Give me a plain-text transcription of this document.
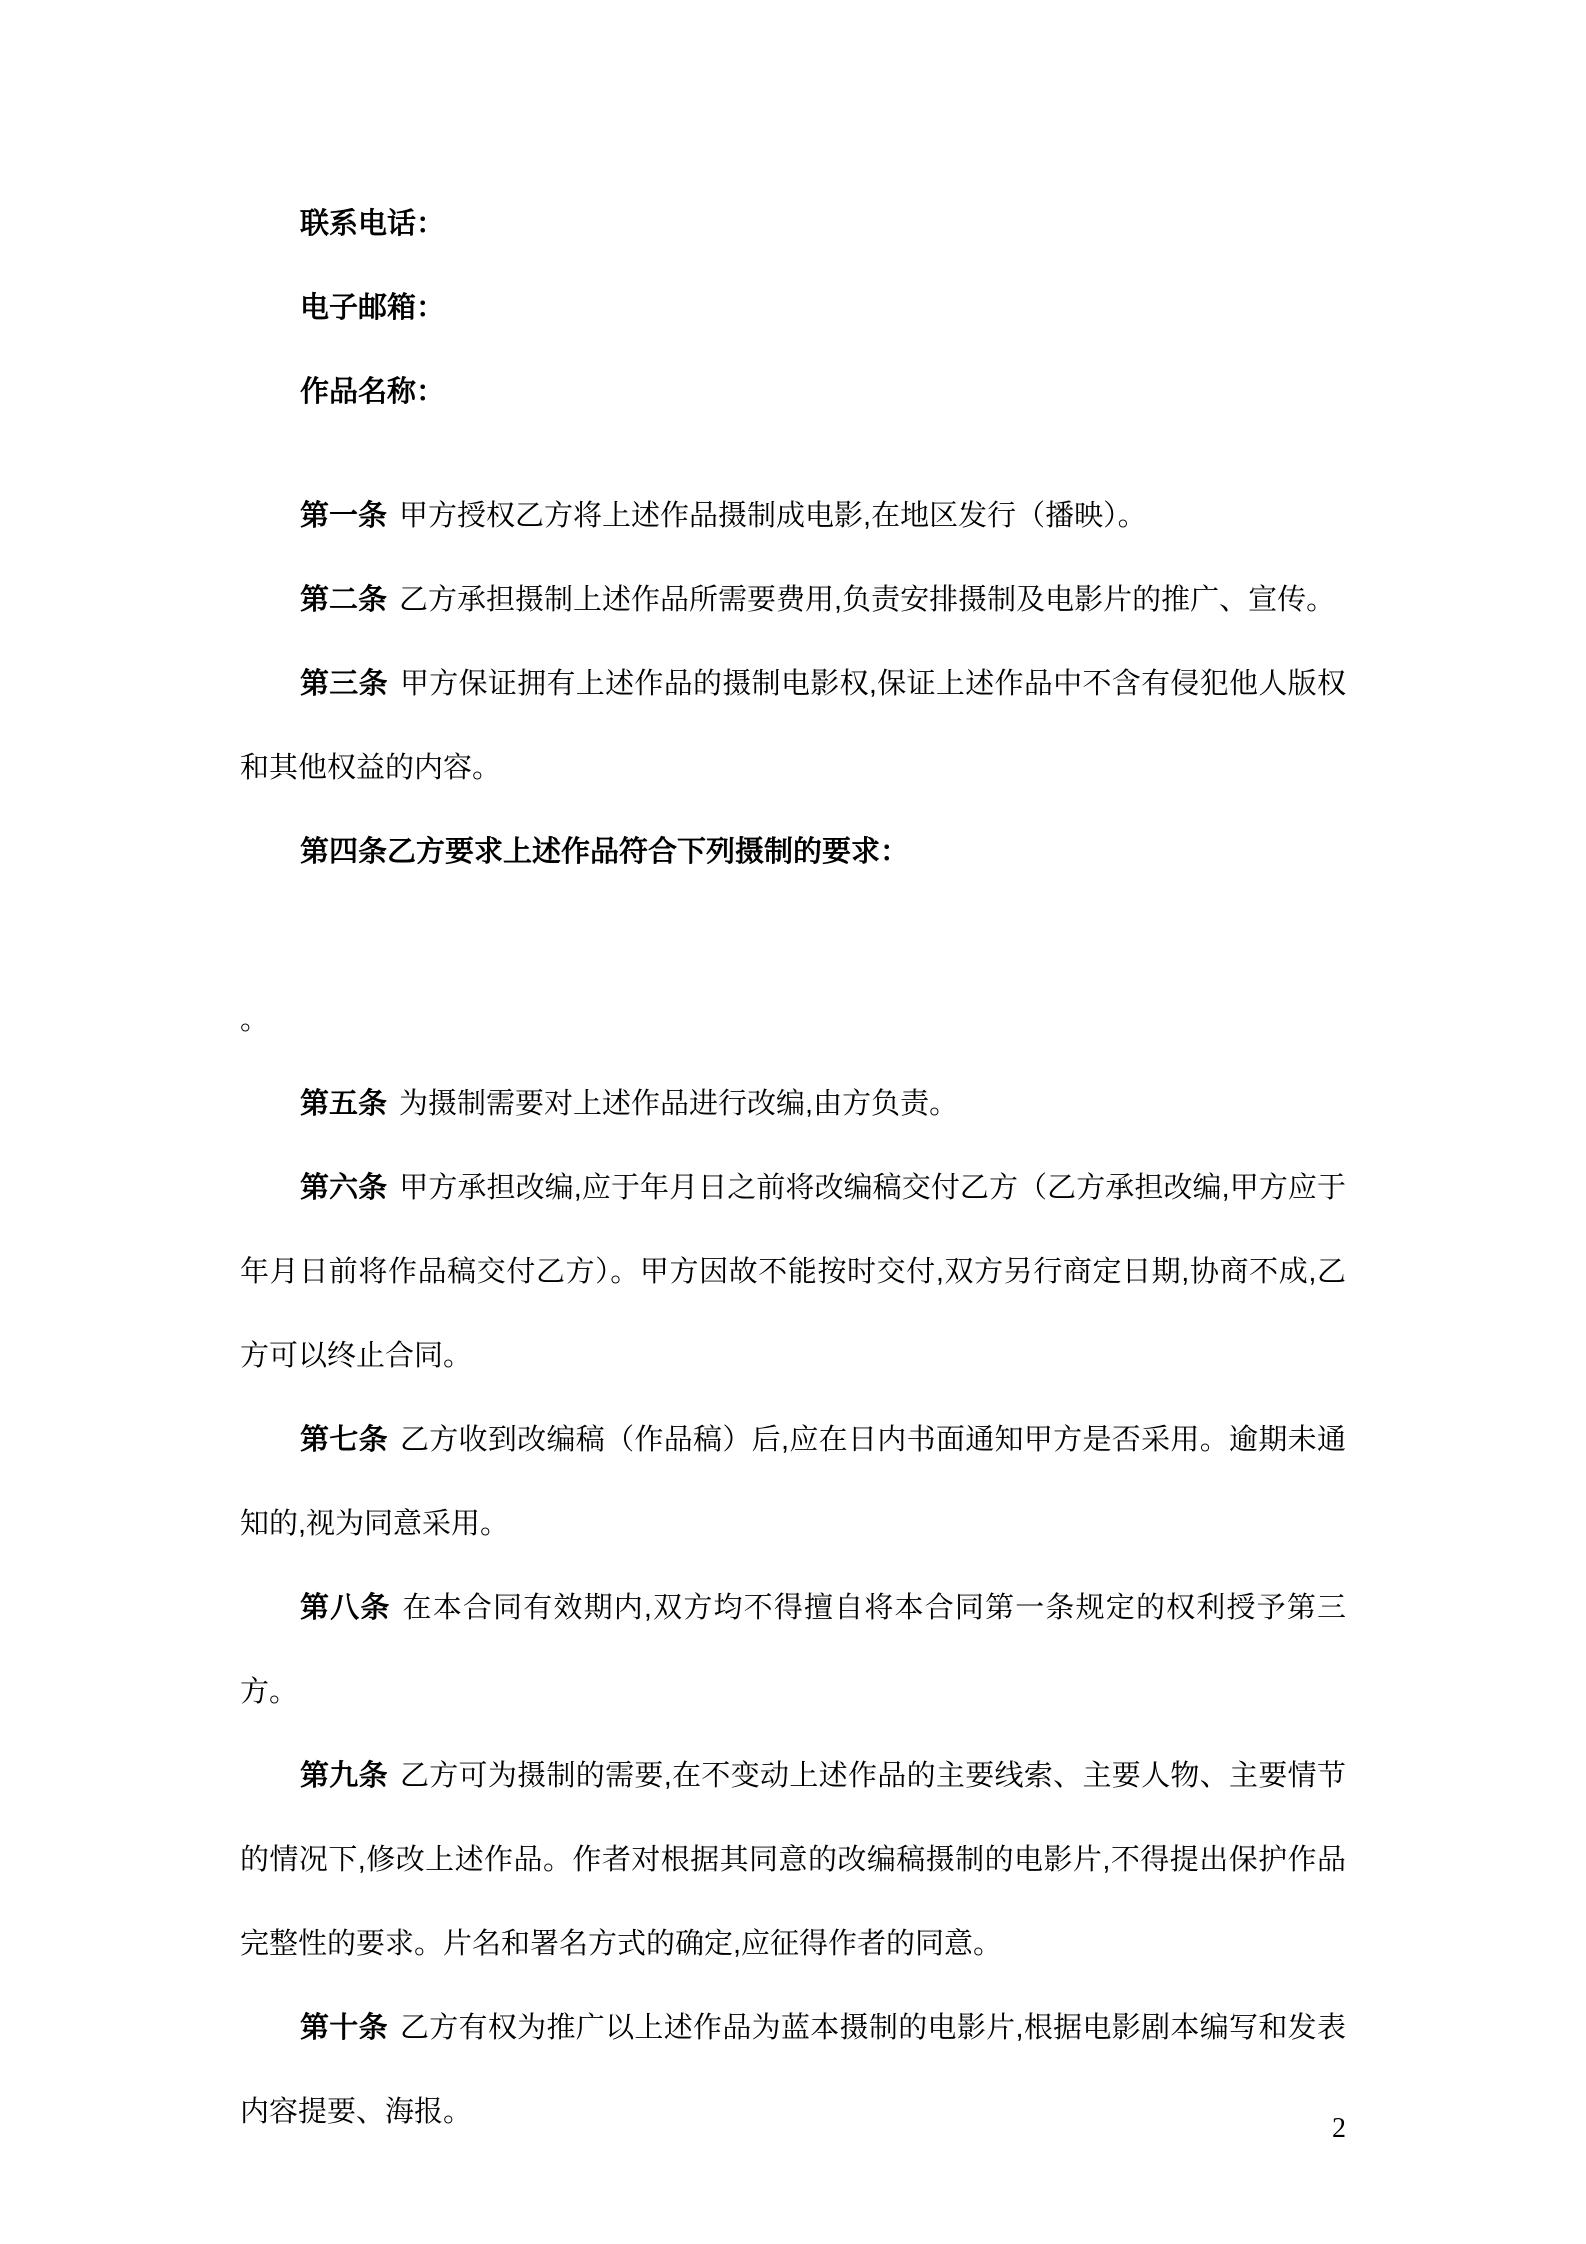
联系电话：

电子邮箱：

作品名称：

第一条 甲方授权乙方将上述作品摄制成电影,在地区发行（播映）。

第二条 乙方承担摄制上述作品所需要费用,负责安排摄制及电影片的推广、宣传。

第三条 甲方保证拥有上述作品的摄制电影权,保证上述作品中不含有侵犯他人版权和其他权益的内容。

第四条乙方要求上述作品符合下列摄制的要求：

。

第五条 为摄制需要对上述作品进行改编,由方负责。

第六条 甲方承担改编,应于年月日之前将改编稿交付乙方（乙方承担改编,甲方应于年月日前将作品稿交付乙方）。甲方因故不能按时交付,双方另行商定日期,协商不成,乙方可以终止合同。

第七条 乙方收到改编稿（作品稿）后,应在日内书面通知甲方是否采用。逾期未通知的,视为同意采用。

第八条 在本合同有效期内,双方均不得擅自将本合同第一条规定的权利授予第三方。

第九条 乙方可为摄制的需要,在不变动上述作品的主要线索、主要人物、主要情节的情况下,修改上述作品。作者对根据其同意的改编稿摄制的电影片,不得提出保护作品完整性的要求。片名和署名方式的确定,应征得作者的同意。

第十条 乙方有权为推广以上述作品为蓝本摄制的电影片,根据电影剧本编写和发表内容提要、海报。

2
